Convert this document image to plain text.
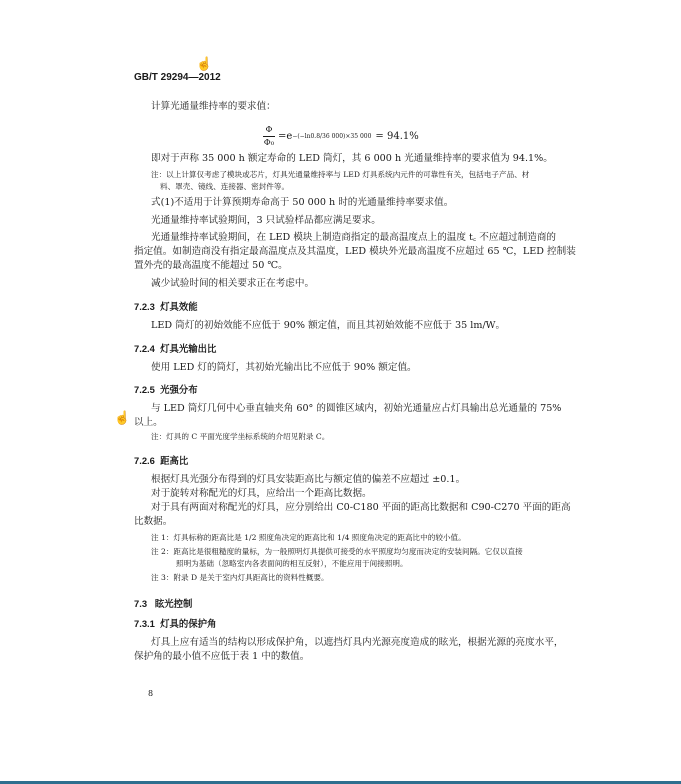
☝
GB/T 29294—2012
计算光通量维持率的要求值：
$\frac{\Phi}{\text{Φ₀}} = e -(-\ln 0.8/36$ 000)×35 000 = 94.1%
即对于声称 35 000 h 额定寿命的 LED 筒灯，其 6 000 h 光通量维持率的要求值为 94.1%。
注：以上计算仅考虑了模块或芯片，灯具光通量维持率与 LED 灯具系统内元件的可靠性有关，包括电子产品、材
料、罩壳、镜线、连接器、密封件等。
式(1)不适用于计算预期寿命高于 50 000 h 时的光通量维持率要求值。
光通量维持率试验期间，3 只试验样品都应满足要求。
光通量维持率试验期间，在 LED 模块上制造商指定的最高温度点上的温度 t꜀ 不应超过制造商的
指定值。如制造商没有指定最高温度点及其温度，LED 模块外光最高温度不应超过 65 ℃，LED 控制装
置外壳的最高温度不能超过 50 ℃。
减少试验时间的相关要求正在考虑中。
7.2.3 灯具效能
LED 筒灯的初始效能不应低于 90% 额定值，而且其初始效能不应低于 35 lm/W。
7.2.4 灯具光输出比
使用 LED 灯的筒灯，其初始光输出比不应低于 90% 额定值。
7.2.5 光强分布
与 LED 筒灯几何中心垂直轴夹角 60° 的圆锥区域内，初始光通量应占灯具输出总光通量的 75%
以上。
☝
注：灯具的 C 平面光度学坐标系统的介绍见附录 C。
7.2.6 距高比
根据灯具光强分布得到的灯具安装距高比与额定值的偏差不应超过 ±0.1。
对于旋转对称配光的灯具，应给出一个距高比数据。
对于具有两面对称配光的灯具，应分别给出 C0-C180 平面的距高比数据和 C90-C270 平面的距高
比数据。
注 1：灯具标称的距高比是 1/2 照度角决定的距高比和 1/4 照度角决定的距高比中的较小值。
注 2：距高比是很粗糙度的量标，为一般照明灯具提供可接受的水平照度均匀度而决定的安装间隔。它仅以直接
照明为基础（忽略室内各表面间的相互反射），不能应用于间接照明。
注 3：附录 D 是关于室内灯具距高比的资料性概要。
7.3 眩光控制
7.3.1 灯具的保护角
灯具上应有适当的结构以形成保护角，以遮挡灯具内光源亮度造成的眩光，根据光源的亮度水平，
保护角的最小值不应低于表 1 中的数值。
8
